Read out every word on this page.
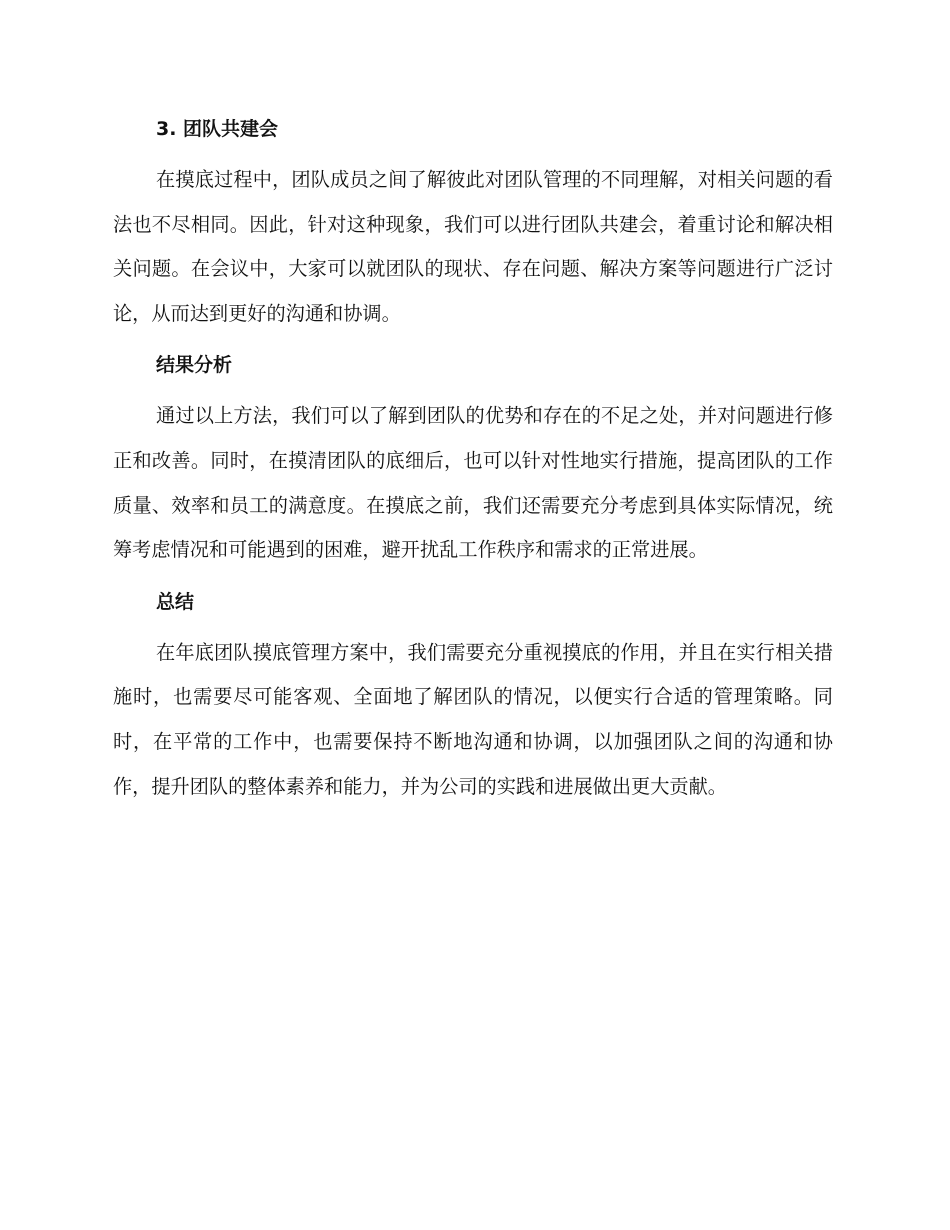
3. 团队共建会

在摸底过程中，团队成员之间了解彼此对团队管理的不同理解，对相关问题的看法也不尽相同。因此，针对这种现象，我们可以进行团队共建会，着重讨论和解决相关问题。在会议中，大家可以就团队的现状、存在问题、解决方案等问题进行广泛讨论，从而达到更好的沟通和协调。

结果分析

通过以上方法，我们可以了解到团队的优势和存在的不足之处，并对问题进行修正和改善。同时，在摸清团队的底细后，也可以针对性地实行措施，提高团队的工作质量、效率和员工的满意度。在摸底之前，我们还需要充分考虑到具体实际情况，统筹考虑情况和可能遇到的困难，避开扰乱工作秩序和需求的正常进展。

总结

在年底团队摸底管理方案中，我们需要充分重视摸底的作用，并且在实行相关措施时，也需要尽可能客观、全面地了解团队的情况，以便实行合适的管理策略。同时，在平常的工作中，也需要保持不断地沟通和协调，以加强团队之间的沟通和协作，提升团队的整体素养和能力，并为公司的实践和进展做出更大贡献。
